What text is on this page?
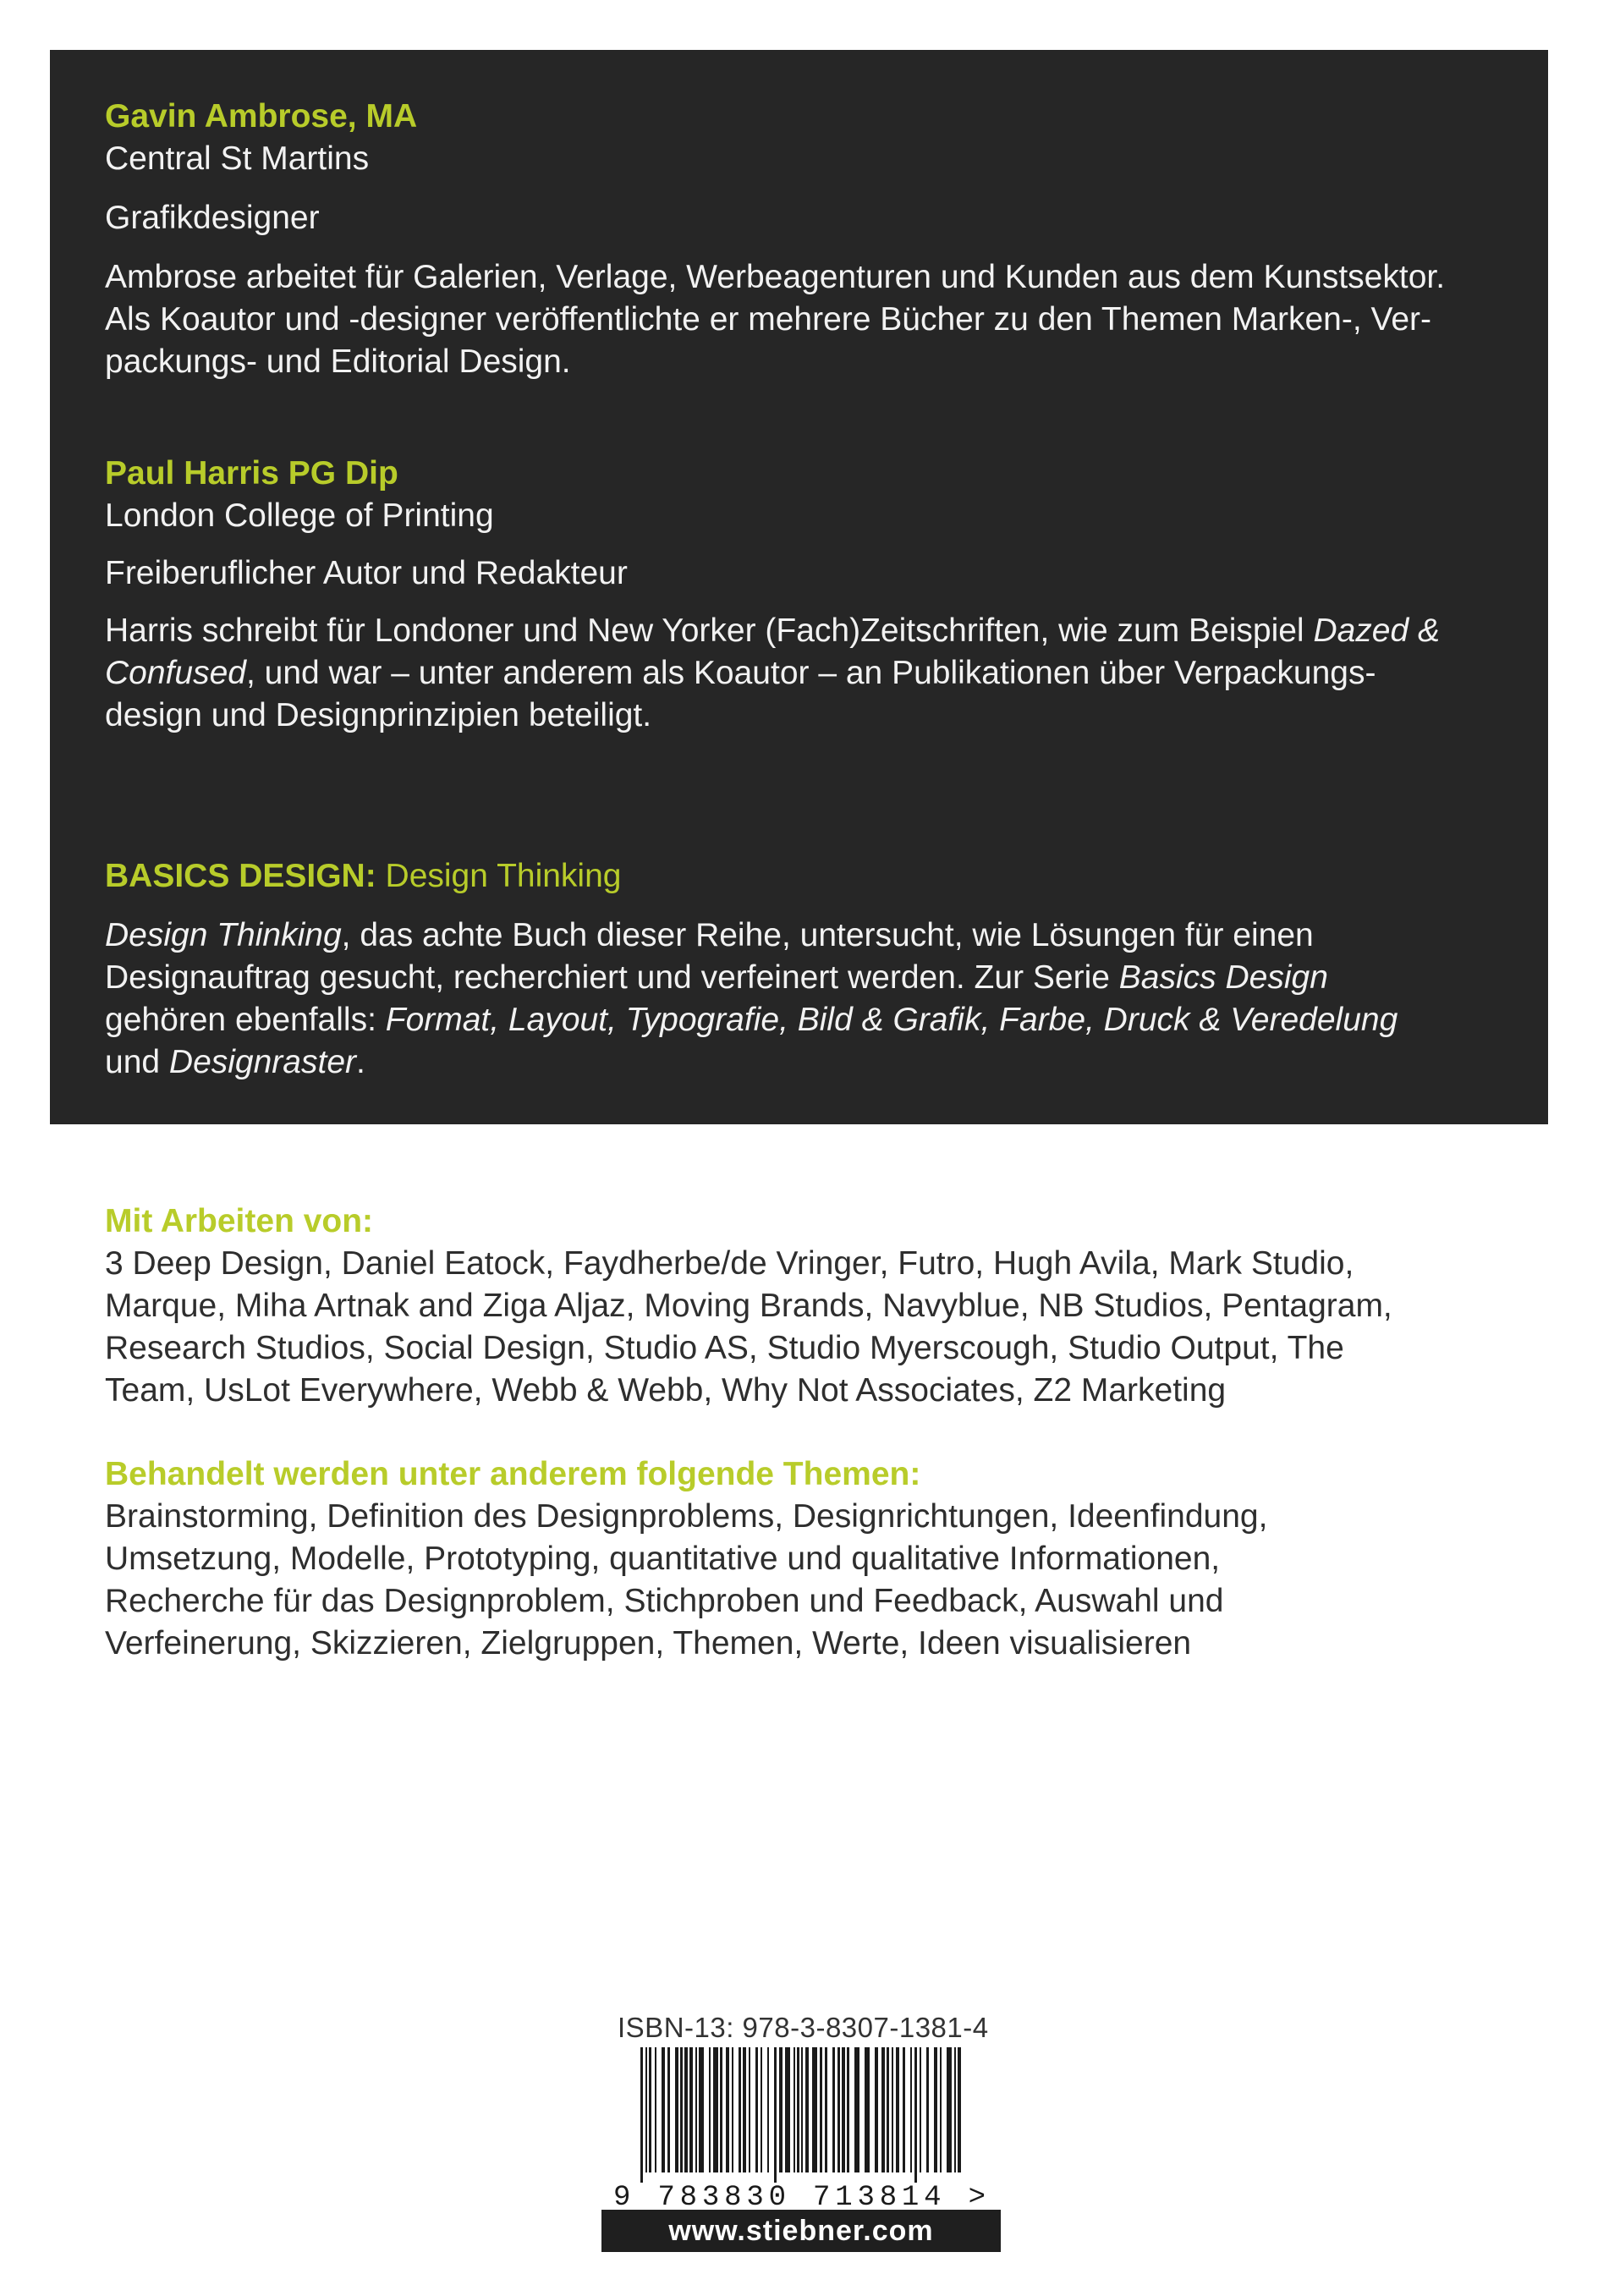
Gavin Ambrose, MA

Central St Martins

Grafikdesigner

Ambrose arbeitet für Galerien, Verlage, Werbeagenturen und Kunden aus dem Kunstsektor.
Als Koautor und -designer veröffentlichte er mehrere Bücher zu den Themen Marken-, Ver-
packungs- und Editorial Design.

Paul Harris PG Dip

London College of Printing

Freiberuflicher Autor und Redakteur

Harris schreibt für Londoner und New Yorker (Fach)Zeitschriften, wie zum Beispiel Dazed &
Confused, und war – unter anderem als Koautor – an Publikationen über Verpackungs-
design und Designprinzipien beteiligt.

BASICS DESIGN: Design Thinking

Design Thinking, das achte Buch dieser Reihe, untersucht, wie Lösungen für einen
Designauftrag gesucht, recherchiert und verfeinert werden. Zur Serie Basics Design
gehören ebenfalls: Format, Layout, Typografie, Bild & Grafik, Farbe, Druck & Veredelung
und Designraster.

Mit Arbeiten von:

3 Deep Design, Daniel Eatock, Faydherbe/de Vringer, Futro, Hugh Avila, Mark Studio,
Marque, Miha Artnak and Ziga Aljaz, Moving Brands, Navyblue, NB Studios, Pentagram,
Research Studios, Social Design, Studio AS, Studio Myerscough, Studio Output, The
Team, UsLot Everywhere, Webb & Webb, Why Not Associates, Z2 Marketing

Behandelt werden unter anderem folgende Themen:

Brainstorming, Definition des Designproblems, Designrichtungen, Ideenfindung,
Umsetzung, Modelle, Prototyping, quantitative und qualitative Informationen,
Recherche für das Designproblem, Stichproben und Feedback, Auswahl und
Verfeinerung, Skizzieren, Zielgruppen, Themen, Werte, Ideen visualisieren

ISBN-13: 978-3-8307-1381-4
9 783830 713814 >
www.stiebner.com
